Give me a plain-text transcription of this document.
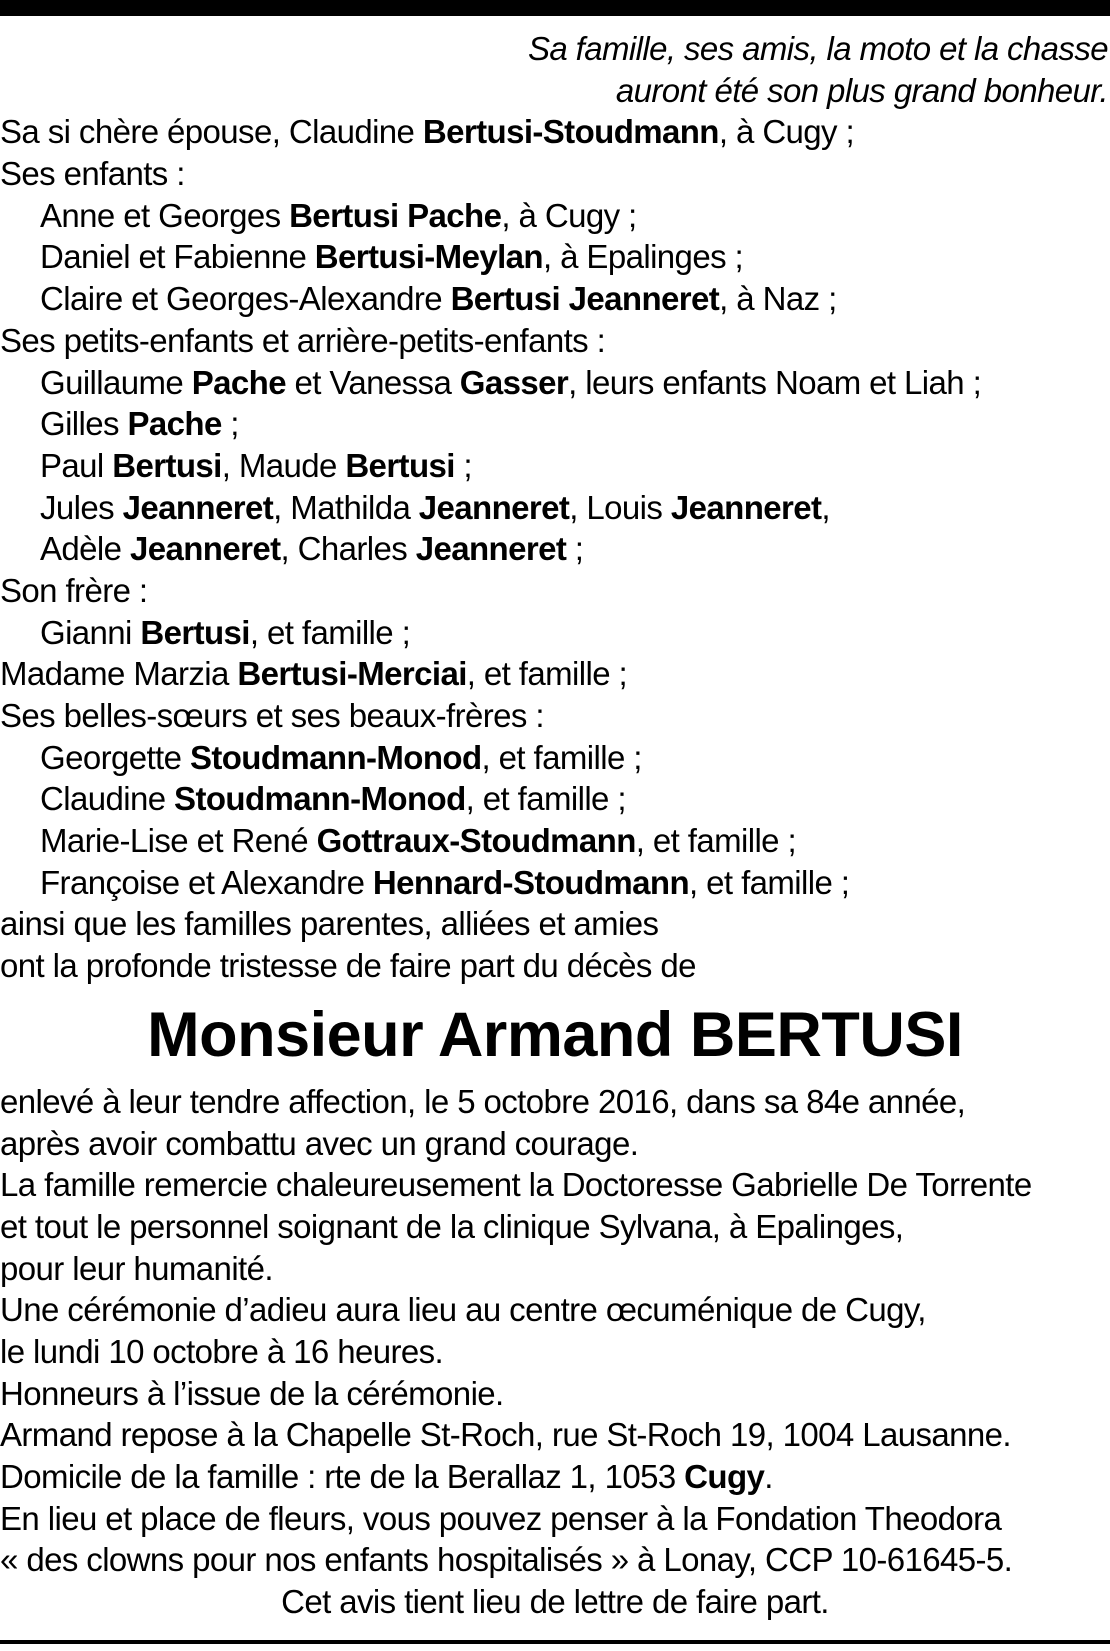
Sa famille, ses amis, la moto et la chasse
auront été son plus grand bonheur.
Sa si chère épouse, Claudine Bertusi-Stoudmann, à Cugy ;
Ses enfants :
Anne et Georges Bertusi Pache, à Cugy ;
Daniel et Fabienne Bertusi-Meylan, à Epalinges ;
Claire et Georges-Alexandre Bertusi Jeanneret, à Naz ;
Ses petits-enfants et arrière-petits-enfants :
Guillaume Pache et Vanessa Gasser, leurs enfants Noam et Liah ;
Gilles Pache ;
Paul Bertusi, Maude Bertusi ;
Jules Jeanneret, Mathilda Jeanneret, Louis Jeanneret,
Adèle Jeanneret, Charles Jeanneret ;
Son frère :
Gianni Bertusi, et famille ;
Madame Marzia Bertusi-Merciai, et famille ;
Ses belles-sœurs et ses beaux-frères :
Georgette Stoudmann-Monod, et famille ;
Claudine Stoudmann-Monod, et famille ;
Marie-Lise et René Gottraux-Stoudmann, et famille ;
Françoise et Alexandre Hennard-Stoudmann, et famille ;
ainsi que les familles parentes, alliées et amies
ont la profonde tristesse de faire part du décès de
Monsieur Armand BERTUSI
enlevé à leur tendre affection, le 5 octobre 2016, dans sa 84e année,
après avoir combattu avec un grand courage.
La famille remercie chaleureusement la Doctoresse Gabrielle De Torrente
et tout le personnel soignant de la clinique Sylvana, à Epalinges,
pour leur humanité.
Une cérémonie d’adieu aura lieu au centre œcuménique de Cugy,
le lundi 10 octobre à 16 heures.
Honneurs à l’issue de la cérémonie.
Armand repose à la Chapelle St-Roch, rue St-Roch 19, 1004 Lausanne.
Domicile de la famille : rte de la Berallaz 1, 1053 Cugy.
En lieu et place de fleurs, vous pouvez penser à la Fondation Theodora
« des clowns pour nos enfants hospitalisés » à Lonay, CCP 10-61645-5.
Cet avis tient lieu de lettre de faire part.
